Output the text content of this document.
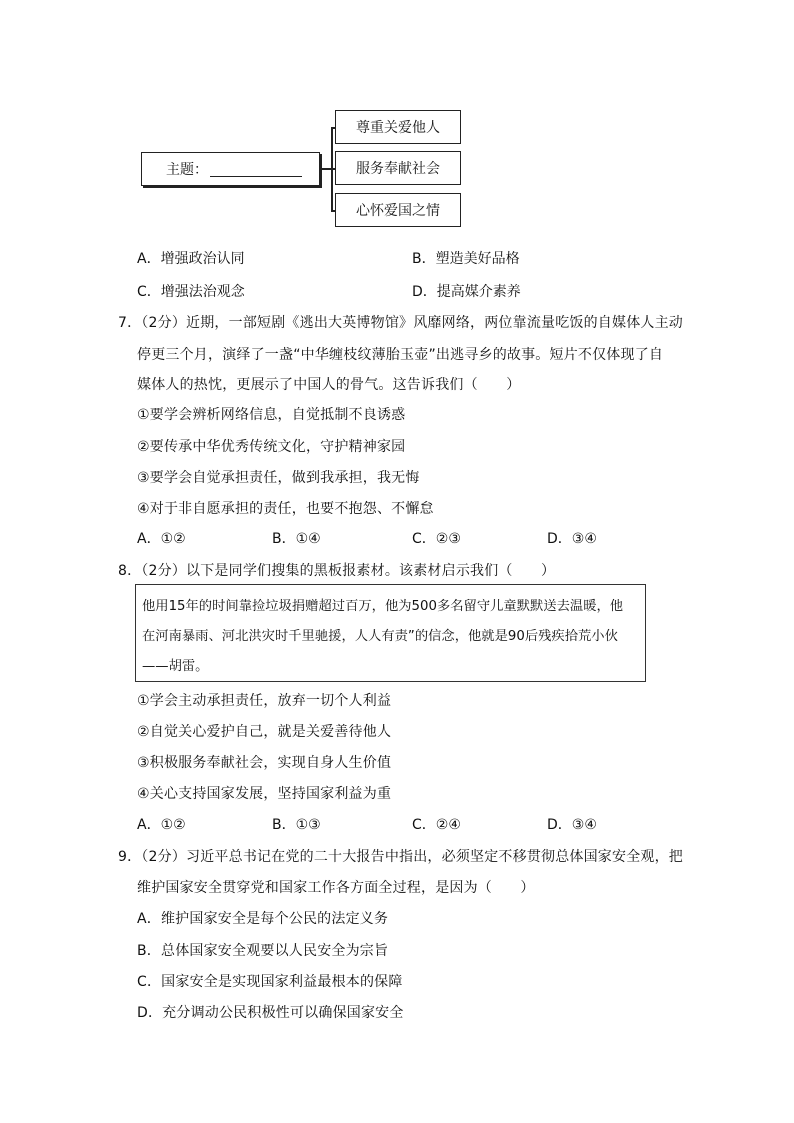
主题：
尊重关爱他人
服务奉献社会
心怀爱国之情
A．增强政治认同	B．塑造美好品格
C．增强法治观念	D．提高媒介素养
7．（2分）近期，一部短剧《逃出大英博物馆》风靡网络，两位靠流量吃饭的自媒体人主动
停更三个月，演绎了一盏“中华缠枝纹薄胎玉壶”出逃寻乡的故事。短片不仅体现了自
媒体人的热忱，更展示了中国人的骨气。这告诉我们（　　）
①要学会辨析网络信息，自觉抵制不良诱惑
②要传承中华优秀传统文化，守护精神家园
③要学会自觉承担责任，做到我承担，我无悔
④对于非自愿承担的责任，也要不抱怨、不懈怠
A．①②	B．①④	C．②③	D．③④
8．（2分）以下是同学们搜集的黑板报素材。该素材启示我们（　　）
他用15年的时间靠捡垃圾捐赠超过百万，他为500多名留守儿童默默送去温暖，他
在河南暴雨、河北洪灾时千里驰援，人人有责”的信念，他就是90后残疾拾荒小伙
——胡雷。
①学会主动承担责任，放弃一切个人利益
②自觉关心爱护自己，就是关爱善待他人
③积极服务奉献社会，实现自身人生价值
④关心支持国家发展，坚持国家利益为重
A．①②	B．①③	C．②④	D．③④
9．（2分）习近平总书记在党的二十大报告中指出，必须坚定不移贯彻总体国家安全观，把
维护国家安全贯穿党和国家工作各方面全过程，是因为（　　）
A．维护国家安全是每个公民的法定义务
B．总体国家安全观要以人民安全为宗旨
C．国家安全是实现国家利益最根本的保障
D．充分调动公民积极性可以确保国家安全
